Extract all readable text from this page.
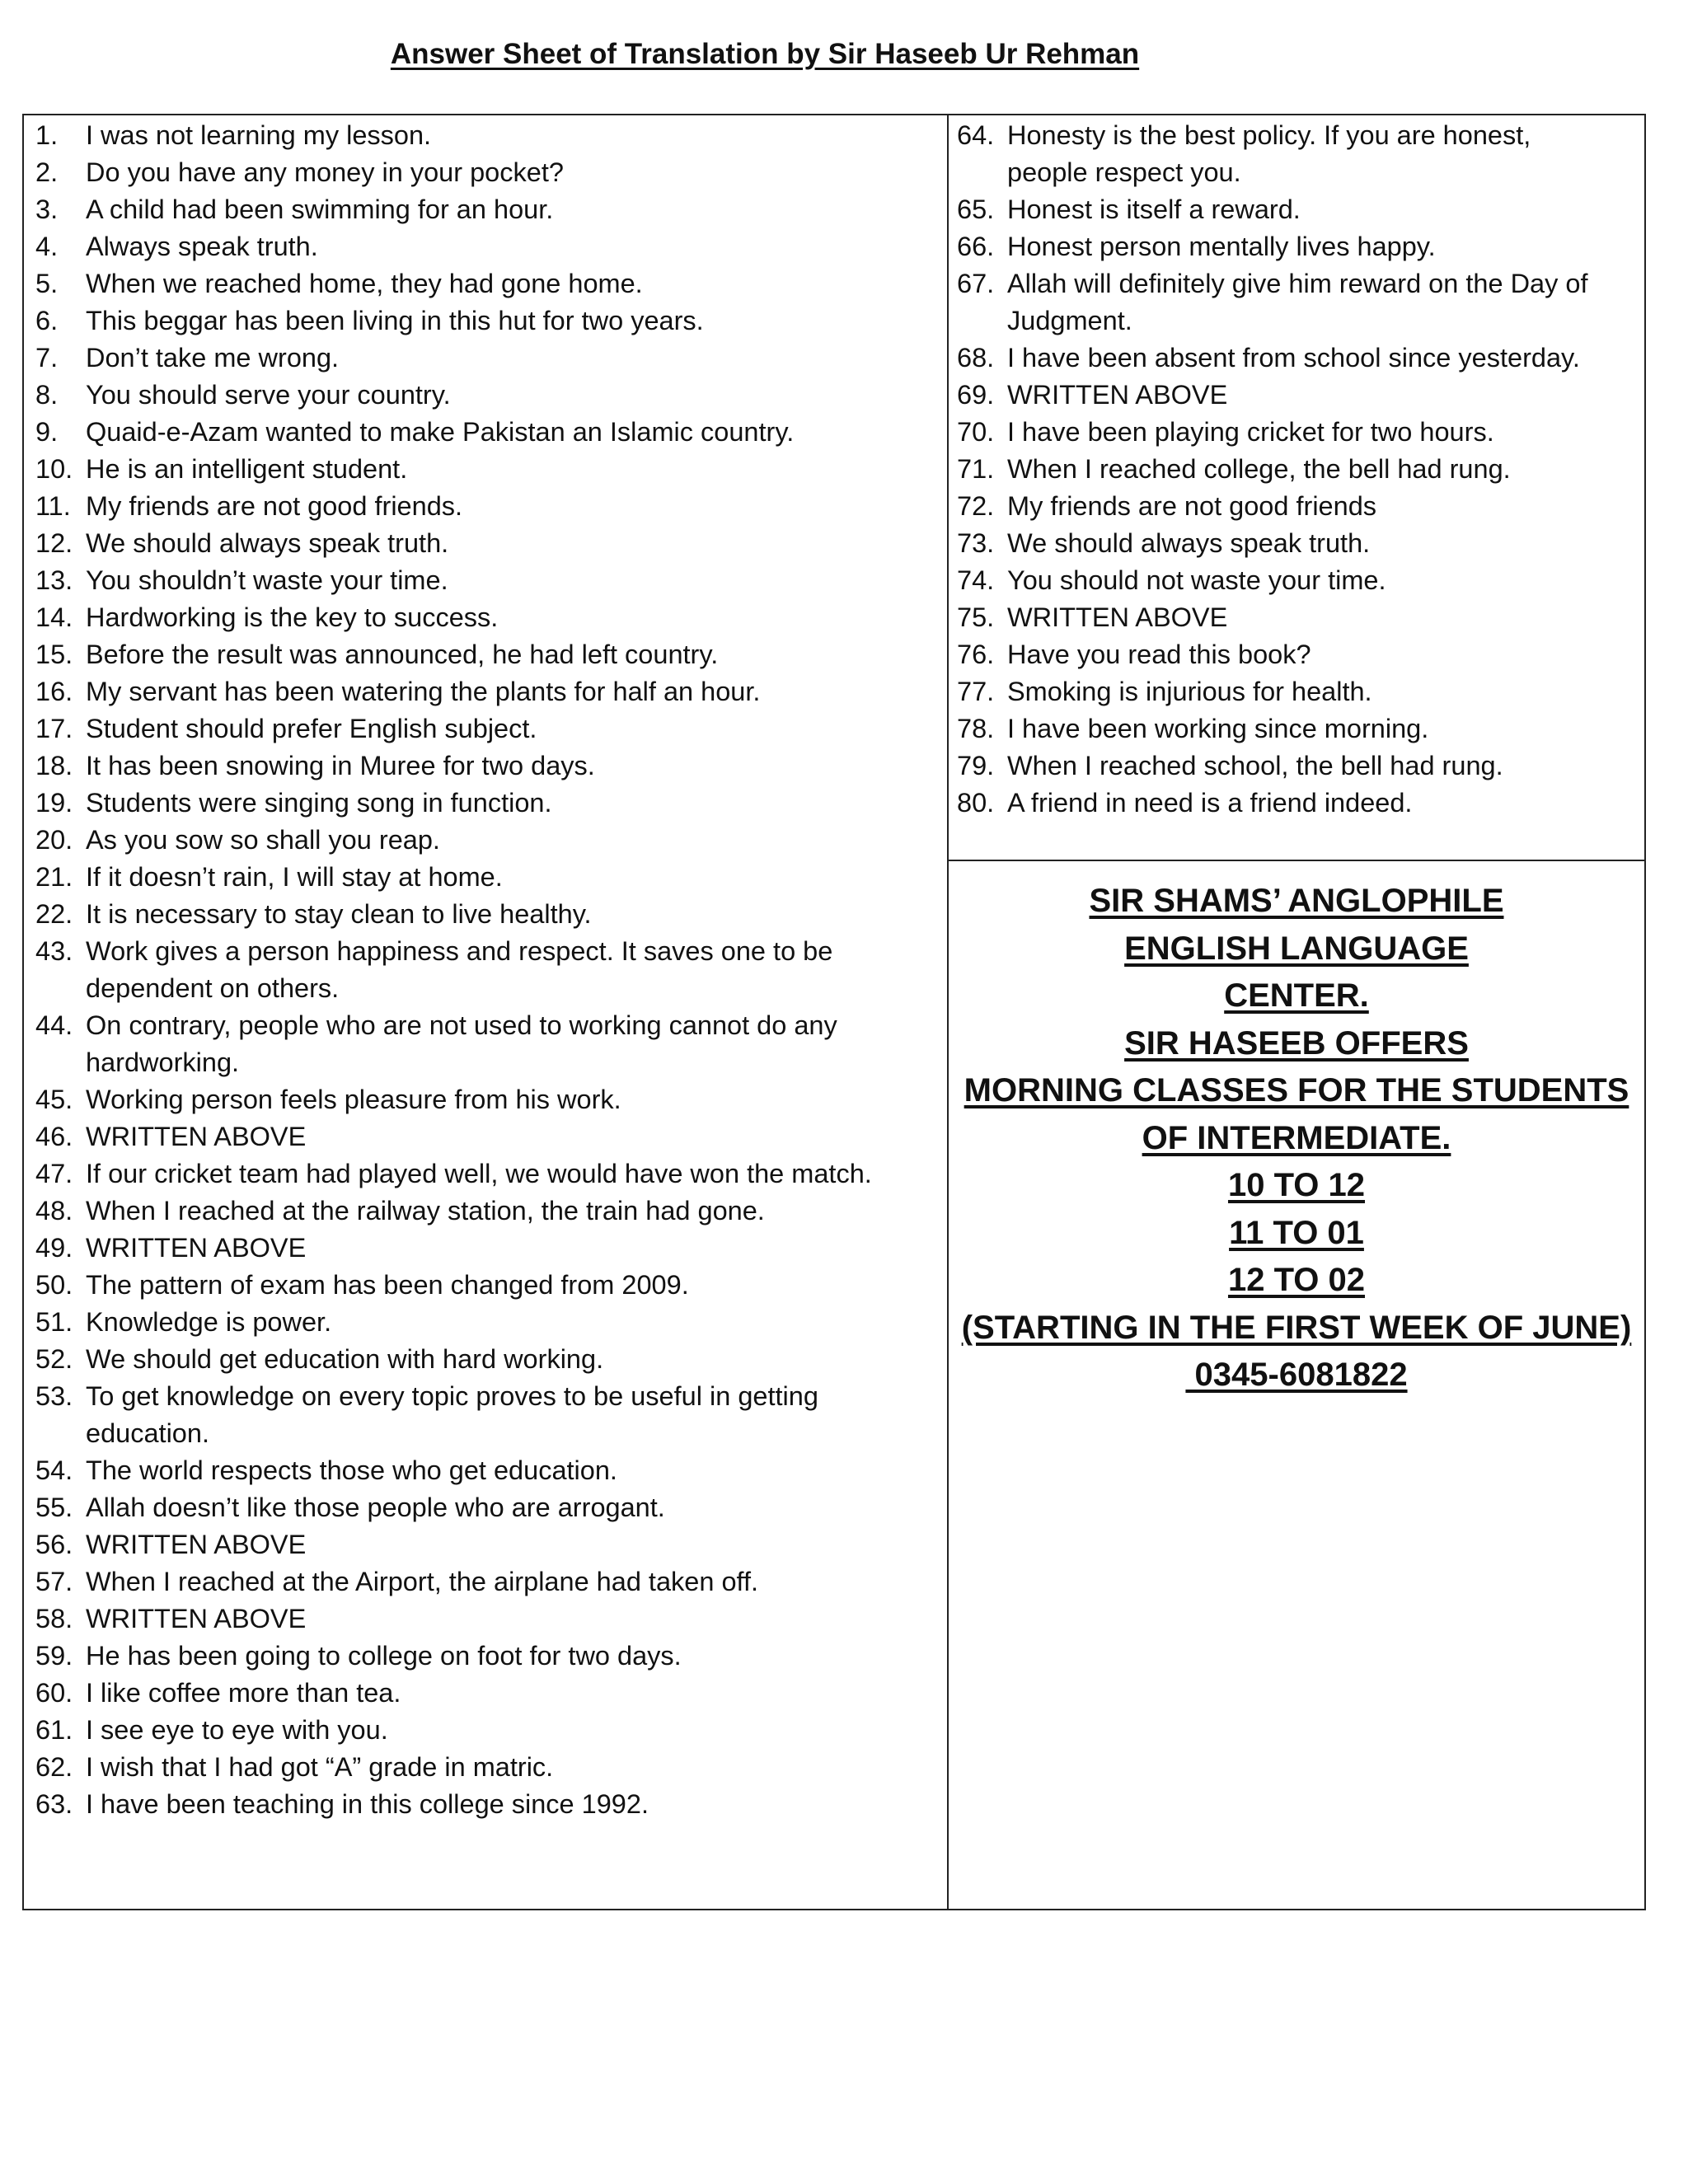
Answer Sheet of Translation by Sir Haseeb Ur Rehman
1.	I was not learning my lesson.
2.	Do you have any money in your pocket?
3.	A child had been swimming for an hour.
4.	Always speak truth.
5.	When we reached home, they had gone home.
6.	This beggar has been living in this hut for two years.
7.	Don’t take me wrong.
8.	You should serve your country.
9.	Quaid-e-Azam wanted to make Pakistan an Islamic country.
10. He is an intelligent student.
11. My friends are not good friends.
12. We should always speak truth.
13. You shouldn’t waste your time.
14. Hardworking is the key to success.
15. Before the result was announced, he had left country.
16. My servant has been watering the plants for half an hour.
17. Student should prefer English subject.
18. It has been snowing in Muree for two days.
19. Students were singing song in function.
20. As you sow so shall you reap.
21. If it doesn’t rain, I will stay at home.
22. It is necessary to stay clean to live healthy.
43. Work gives a person happiness and respect. It saves one to be
dependent on others.
44. On contrary, people who are not used to working cannot do any
hardworking.
45. Working person feels pleasure from his work.
46. WRITTEN ABOVE
47. If our cricket team had played well, we would have won the match.
48. When I reached at the railway station, the train had gone.
49. WRITTEN ABOVE
50. The pattern of exam has been changed from 2009.
51. Knowledge is power.
52. We should get education with hard working.
53. To get knowledge on every topic proves to be useful in getting
education.
54. The world respects those who get education.
55. Allah doesn’t like those people who are arrogant.
56. WRITTEN ABOVE
57. When I reached at the Airport, the airplane had taken off.
58. WRITTEN ABOVE
59. He has been going to college on foot for two days.
60. I like coffee more than tea.
61. I see eye to eye with you.
62. I wish that I had got “A” grade in matric.
63. I have been teaching in this college since 1992.
64. Honesty is the best policy. If you are honest,
people respect you.
65. Honest is itself a reward.
66. Honest person mentally lives happy.
67. Allah will definitely give him reward on the Day of
Judgment.
68. I have been absent from school since yesterday.
69. WRITTEN ABOVE
70. I have been playing cricket for two hours.
71. When I reached college, the bell had rung.
72. My friends are not good friends
73. We should always speak truth.
74. You should not waste your time.
75. WRITTEN ABOVE
76. Have you read this book?
77. Smoking is injurious for health.
78. I have been working since morning.
79. When I reached school, the bell had rung.
80. A friend in need is a friend indeed.
SIR SHAMS’ ANGLOPHILE
ENGLISH LANGUAGE
CENTER.
SIR HASEEB OFFERS
MORNING CLASSES FOR THE STUDENTS
OF INTERMEDIATE.
10 TO 12
11 TO 01
12 TO 02
(STARTING IN THE FIRST WEEK OF JUNE)
0345-6081822
